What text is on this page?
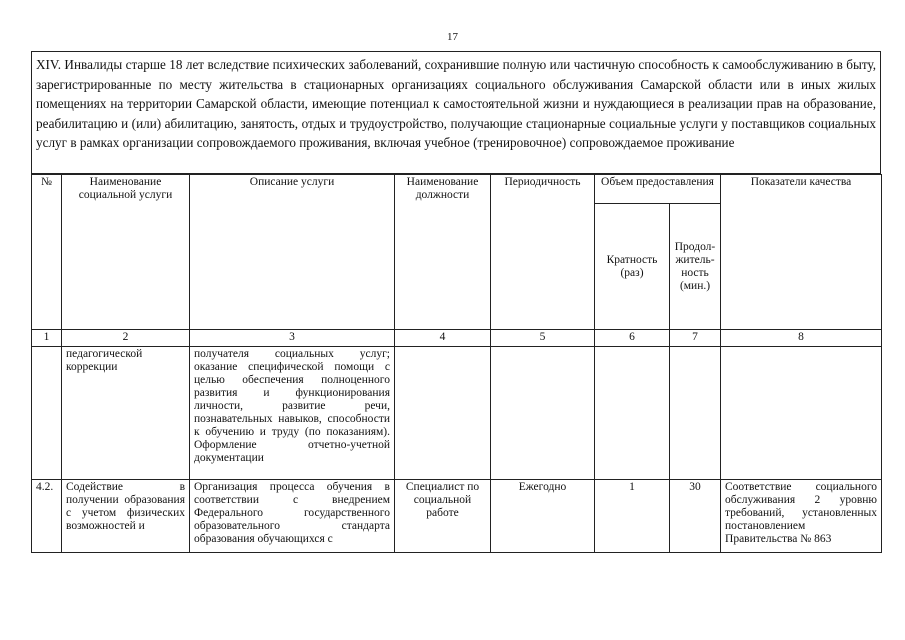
17
XIV. Инвалиды старше 18 лет вследствие психических заболеваний, сохранившие полную или частичную способность к самообслуживанию в быту, зарегистрированные по месту жительства в стационарных организациях социального обслуживания Самарской области или в иных жилых помещениях на территории Самарской области, имеющие потенциал к самостоятельной жизни и нуждающиеся в реализации прав на образование, реабилитацию и (или) абилитацию, занятость, отдых и трудоустройство, получающие стационарные социальные услуги у поставщиков социальных услуг в рамках организации сопровождаемого проживания, включая учебное (тренировочное) сопровождаемое проживание
№	Наименование социальной услуги	Описание услуги	Наименование должности	Периодичность	Объем предоставления		Показатели качества
					Кратность (раз)	Продол-житель-ность (мин.)	
1	2	3	4	5	6	7	8
	педагогической коррекции	получателя социальных услуг; оказание специфической помощи с целью обеспечения полноценного развития и функционирования личности, развитие речи, познавательных навыков, способности к обучению и труду (по показаниям). Оформление отчетно-учетной документации					
4.2.	Содействие в получении образования с учетом физических возможностей и	Организация процесса обучения в соответствии с внедрением Федерального государственного образовательного стандарта образования обучающихся с	Специалист по социальной работе	Ежегодно	1	30	Соответствие социального обслуживания 2 уровню требований, установленных постановлением Правительства № 863
